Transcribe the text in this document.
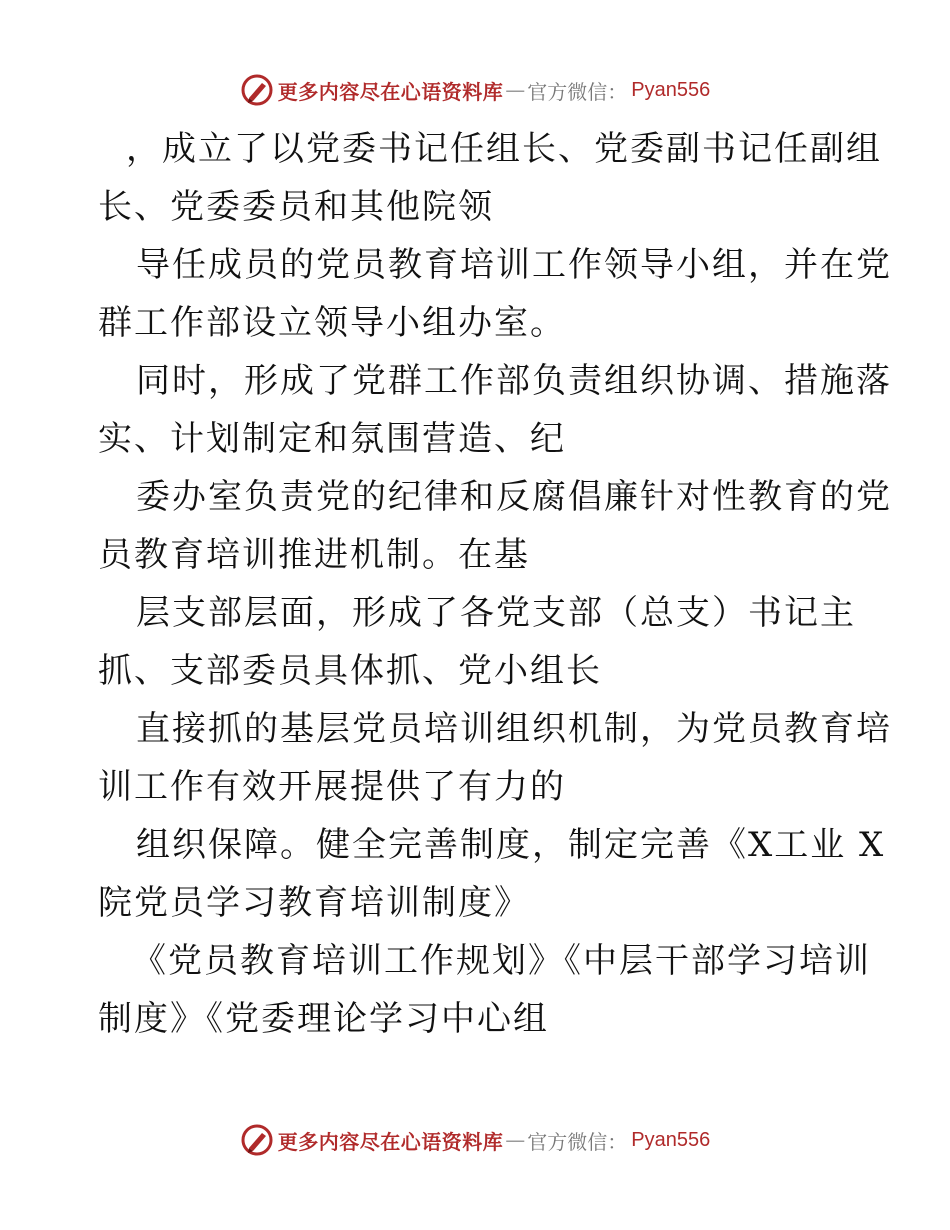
更多内容尽在心语资料库 — 官方微信 ： Pyan556

，成立了以党委书记任组长、党委副书记任副组
长、党委委员和其他院领

导任成员的党员教育培训工作领导小组，并在党
群工作部设立领导小组办室。

同时，形成了党群工作部负责组织协调、措施落
实、计划制定和氛围营造、纪

委办室负责党的纪律和反腐倡廉针对性教育的党
员教育培训推进机制。在基

层支部层面，形成了各党支部（总支）书记主
抓、支部委员具体抓、党小组长

直接抓的基层党员培训组织机制，为党员教育培
训工作有效开展提供了有力的

组织保障。健全完善制度，制定完善《X工业 X
院党员学习教育培训制度》

《党员教育培训工作规划》《中层干部学习培训
制度》《党委理论学习中心组

更多内容尽在心语资料库 — 官方微信 ： Pyan556
